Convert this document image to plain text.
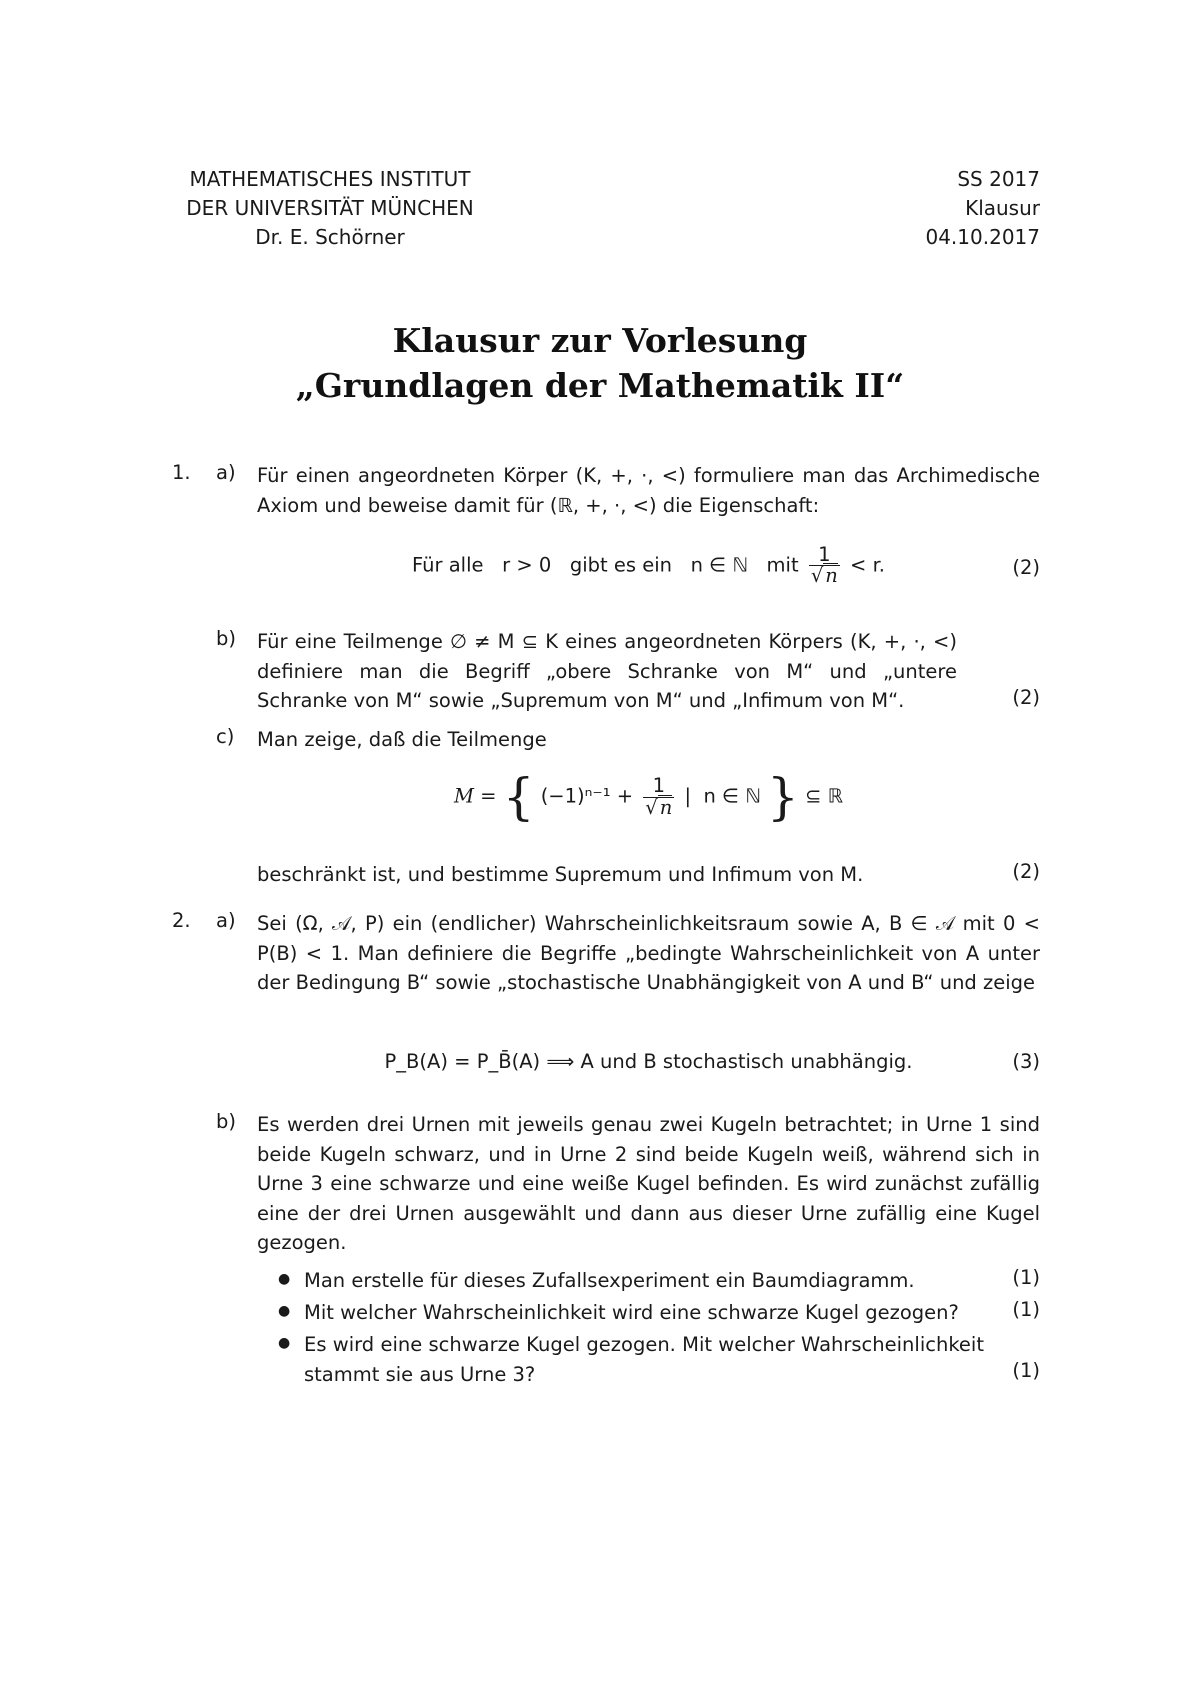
MATHEMATISCHES INSTITUT
DER UNIVERSITÄT MÜNCHEN
Dr. E. Schörner
SS 2017
Klausur
04.10.2017
Klausur zur Vorlesung
„Grundlagen der Mathematik II“
1. a) Für einen angeordneten Körper (K, +, ·, <) formuliere man das Archimedische Axiom und beweise damit für (ℝ, +, ·, <) die Eigenschaft:
Für alle   r > 0   gibt es ein   n ∈ ℕ   mit $\frac{1}{√ n} < r$.	(2)
b) Für eine Teilmenge ∅ ≠ M ⊆ K eines angeordneten Körpers (K, +, ·, <) definiere man die Begriff „obere Schranke von M“ und „untere Schranke von M“ sowie „Supremum von M“ und „Infimum von M“.	(2)
c) Man zeige, daß die Teilmenge
M = { $(-1)^{n-1} + \frac{1}{√ n}$ |  n ∈ ℕ } ⊆ ℝ
beschränkt ist, und bestimme Supremum und Infimum von M.	(2)
2. a) Sei (Ω, 𝒜, P) ein (endlicher) Wahrscheinlichkeitsraum sowie A, B ∈ 𝒜 mit 0 < P(B) < 1. Man definiere die Begriffe „bedingte Wahrscheinlichkeit von A unter der Bedingung B“ sowie „stochastische Unabhängigkeit von A und B“ und zeige
P_B(A) = P_B̄(A) ⟹ A und B stochastisch unabhängig.	(3)
b) Es werden drei Urnen mit jeweils genau zwei Kugeln betrachtet; in Urne 1 sind beide Kugeln schwarz, und in Urne 2 sind beide Kugeln weiß, während sich in Urne 3 eine schwarze und eine weiße Kugel befinden. Es wird zunächst zufällig eine der drei Urnen ausgewählt und dann aus dieser Urne zufällig eine Kugel gezogen.
● Man erstelle für dieses Zufallsexperiment ein Baumdiagramm.	(1)
● Mit welcher Wahrscheinlichkeit wird eine schwarze Kugel gezogen?	(1)
● Es wird eine schwarze Kugel gezogen. Mit welcher Wahrscheinlichkeit stammt sie aus Urne 3?	(1)
